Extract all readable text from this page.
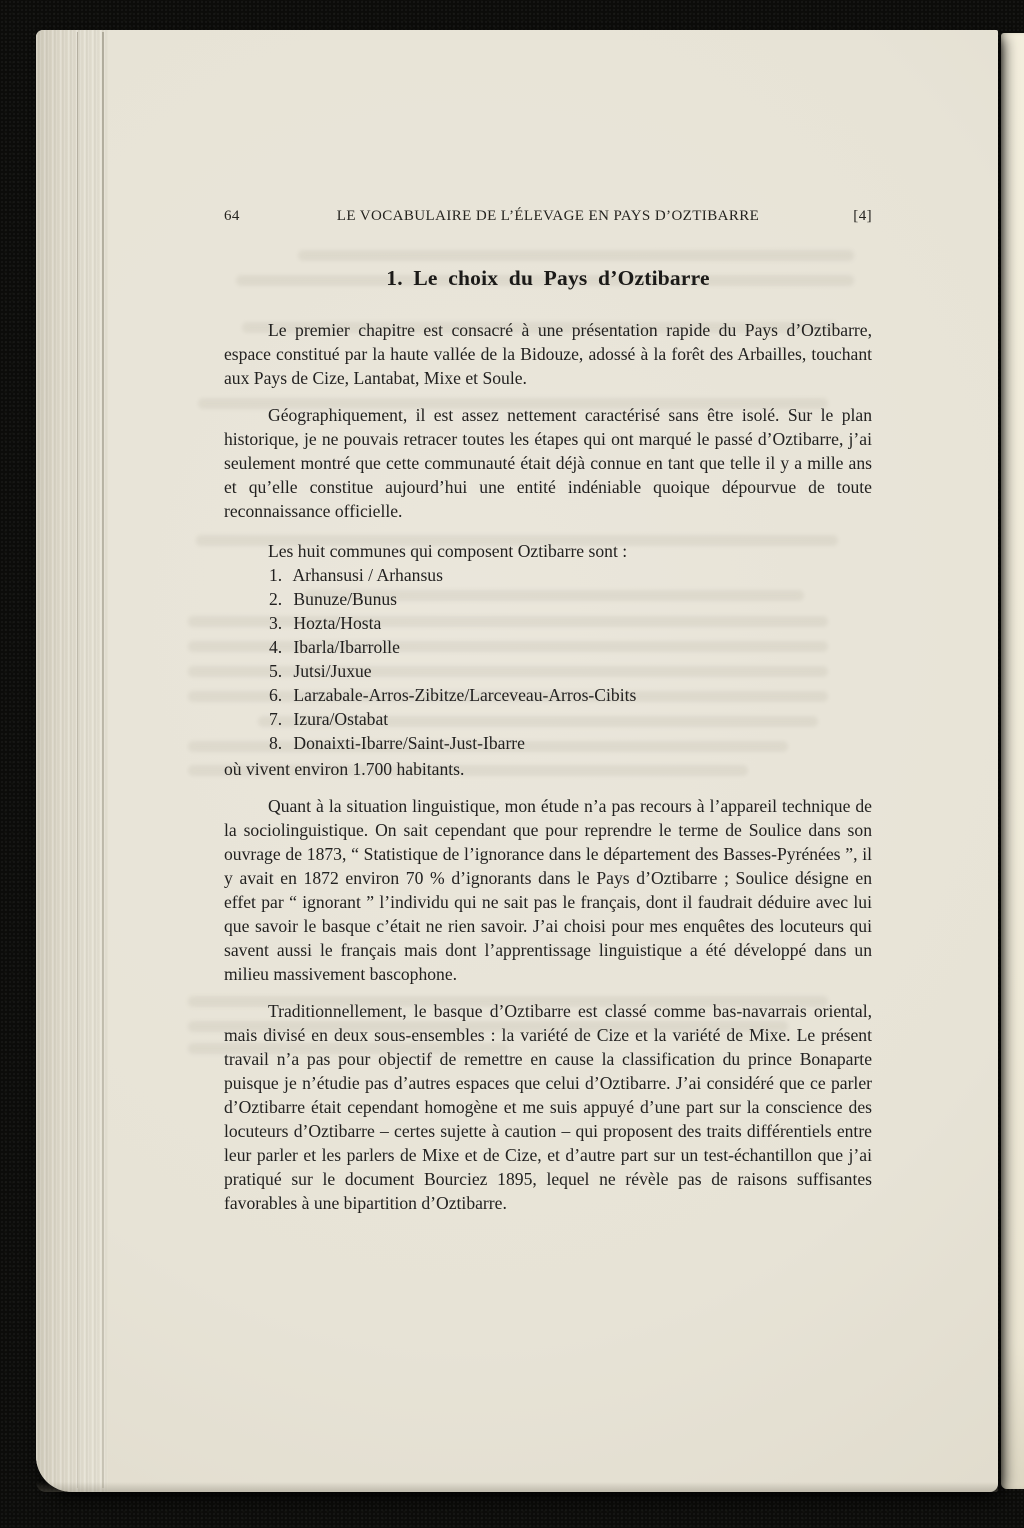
64	LE VOCABULAIRE DE L’ÉLEVAGE EN PAYS D’OZTIBARRE	[4]
1. Le choix du Pays d’Oztibarre

Le premier chapitre est consacré à une présentation rapide du Pays d’Oztibarre, espace constitué par la haute vallée de la Bidouze, adossé à la forêt des Arbailles, touchant aux Pays de Cize, Lantabat, Mixe et Soule.

Géographiquement, il est assez nettement caractérisé sans être isolé. Sur le plan historique, je ne pouvais retracer toutes les étapes qui ont marqué le passé d’Oztibarre, j’ai seulement montré que cette communauté était déjà connue en tant que telle il y a mille ans et qu’elle constitue aujourd’hui une entité indéniable quoique dépourvue de toute reconnaissance officielle.

Les huit communes qui composent Oztibarre sont :

1. Arhansusi / Arhansus
2. Bunuze/Bunus
3. Hozta/Hosta
4. Ibarla/Ibarrolle
5. Jutsi/Juxue
6. Larzabale-Arros-Zibitze/Larceveau-Arros-Cibits
7. Izura/Ostabat
8. Donaixti-Ibarre/Saint-Just-Ibarre

où vivent environ 1.700 habitants.

Quant à la situation linguistique, mon étude n’a pas recours à l’appareil technique de la sociolinguistique. On sait cependant que pour reprendre le terme de Soulice dans son ouvrage de 1873, “ Statistique de l’ignorance dans le département des Basses-Pyrénées ”, il y avait en 1872 environ 70 % d’ignorants dans le Pays d’Oztibarre ; Soulice désigne en effet par “ ignorant ” l’individu qui ne sait pas le français, dont il faudrait déduire avec lui que savoir le basque c’était ne rien savoir. J’ai choisi pour mes enquêtes des locuteurs qui savent aussi le français mais dont l’apprentissage linguistique a été développé dans un milieu massivement bascophone.

Traditionnellement, le basque d’Oztibarre est classé comme bas-navarrais oriental, mais divisé en deux sous-ensembles : la variété de Cize et la variété de Mixe. Le présent travail n’a pas pour objectif de remettre en cause la classification du prince Bonaparte puisque je n’étudie pas d’autres espaces que celui d’Oztibarre. J’ai considéré que ce parler d’Oztibarre était cependant homogène et me suis appuyé d’une part sur la conscience des locuteurs d’Oztibarre – certes sujette à caution – qui proposent des traits différentiels entre leur parler et les parlers de Mixe et de Cize, et d’autre part sur un test-échantillon que j’ai pratiqué sur le document Bourciez 1895, lequel ne révèle pas de raisons suffisantes favorables à une bipartition d’Oztibarre.
